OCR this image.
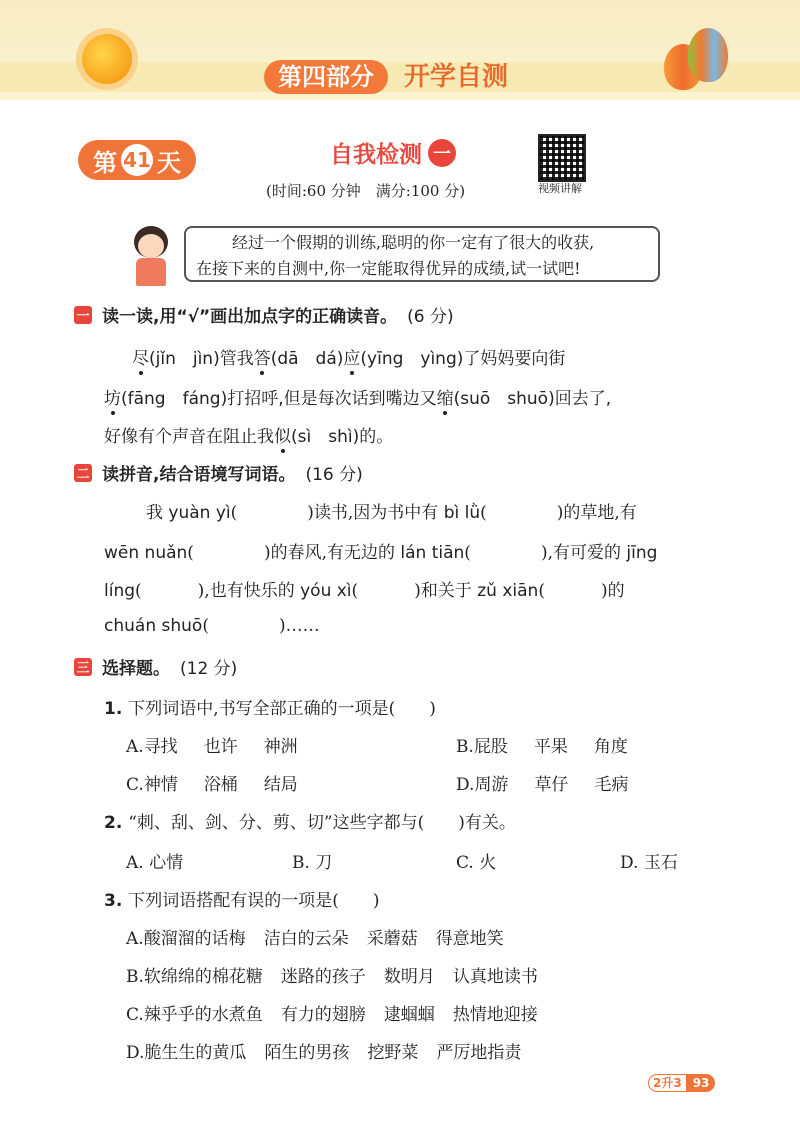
第四部分	开学自测
第 41 天	自我检测 一
(时间:60 分钟　满分:100 分)	视频讲解
经过一个假期的训练,聪明的你一定有了很大的收获,
在接下来的自测中,你一定能取得优异的成绩,试一试吧!
一 读一读,用“√”画出加点字的正确读音。 (6 分)
尽(jǐn　jìn)管我答(dā　dá)应(yīng　yìng)了妈妈要向街
坊(fāng　fáng)打招呼,但是每次话到嘴边又缩(suō　shuō)回去了,
好像有个声音在阻止我似(sì　shì)的。
二 读拼音,结合语境写词语。 (16 分)
我 yuàn yì(	)读书,因为书中有 bì lǜ(	)的草地,有
wēn nuǎn(	)的春风,有无边的 lán tiān(	),有可爱的 jīng
líng(	),也有快乐的 yóu xì(	)和关于 zǔ xiān(	)的
chuán shuō(	)……
三 选择题。 (12 分)
1. 下列词语中,书写全部正确的一项是(　　)
A.寻找 也许 神洲	B.屁股 平果 角度
C.神情 浴桶 结局	D.周游 草仔 毛病
2. “刺、刮、剑、分、剪、切”这些字都与(　　)有关。
A. 心情	B. 刀	C. 火	D. 玉石
3. 下列词语搭配有误的一项是(　　)
A.酸溜溜的话梅 洁白的云朵 采蘑菇 得意地笑
B.软绵绵的棉花糖 迷路的孩子 数明月 认真地读书
C.辣乎乎的水煮鱼 有力的翅膀 逮蝈蝈 热情地迎接
D.脆生生的黄瓜 陌生的男孩 挖野菜 严厉地指责
2升3 93
